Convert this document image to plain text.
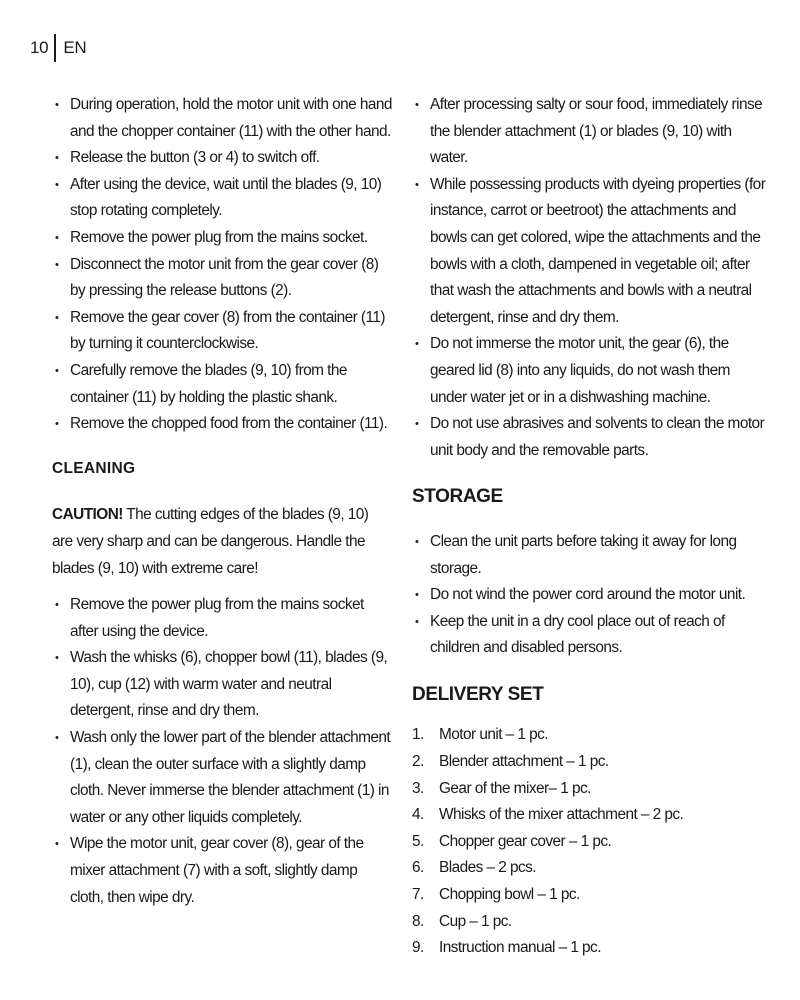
10 EN
• During operation, hold the motor unit with one hand and the chopper container (11) with the other hand.
• Release the button (3 or 4) to switch off.
• After using the device, wait until the blades (9, 10) stop rotating completely.
• Remove the power plug from the mains socket.
• Disconnect the motor unit from the gear cover (8) by pressing the release buttons (2).
• Remove the gear cover (8) from the container (11) by turning it counterclockwise.
• Carefully remove the blades (9, 10) from the container (11) by holding the plastic shank.
• Remove the chopped food from the container (11).
CLEANING

CAUTION! The cutting edges of the blades (9, 10) are very sharp and can be dangerous. Handle the blades (9, 10) with extreme care!

• Remove the power plug from the mains socket after using the device.
• Wash the whisks (6), chopper bowl (11), blades (9, 10), cup (12) with warm water and neutral detergent, rinse and dry them.
• Wash only the lower part of the blender attachment (1), clean the outer surface with a slightly damp cloth. Never immerse the blender attachment (1) in water or any other liquids completely.
• Wipe the motor unit, gear cover (8), gear of the mixer attachment (7) with a soft, slightly damp cloth, then wipe dry.
• After processing salty or sour food, immediately rinse the blender attachment (1) or blades (9, 10) with water.
• While possessing products with dyeing properties (for instance, carrot or beetroot) the attachments and bowls can get colored, wipe the attachments and the bowls with a cloth, dampened in vegetable oil; after that wash the attachments and bowls with a neutral detergent, rinse and dry them.
• Do not immerse the motor unit, the gear (6), the geared lid (8) into any liquids, do not wash them under water jet or in a dishwashing machine.
• Do not use abrasives and solvents to clean the motor unit body and the removable parts.
STORAGE
• Clean the unit parts before taking it away for long storage.
• Do not wind the power cord around the motor unit.
• Keep the unit in a dry cool place out of reach of children and disabled persons.
DELIVERY SET
1. Motor unit – 1 pc.
2. Blender attachment – 1 pc.
3. Gear of the mixer– 1 pc.
4. Whisks of the mixer attachment – 2 pc.
5. Chopper gear cover – 1 pc.
6. Blades – 2 pcs.
7. Chopping bowl – 1 pc.
8. Cup – 1 pc.
9. Instruction manual – 1 pc.
